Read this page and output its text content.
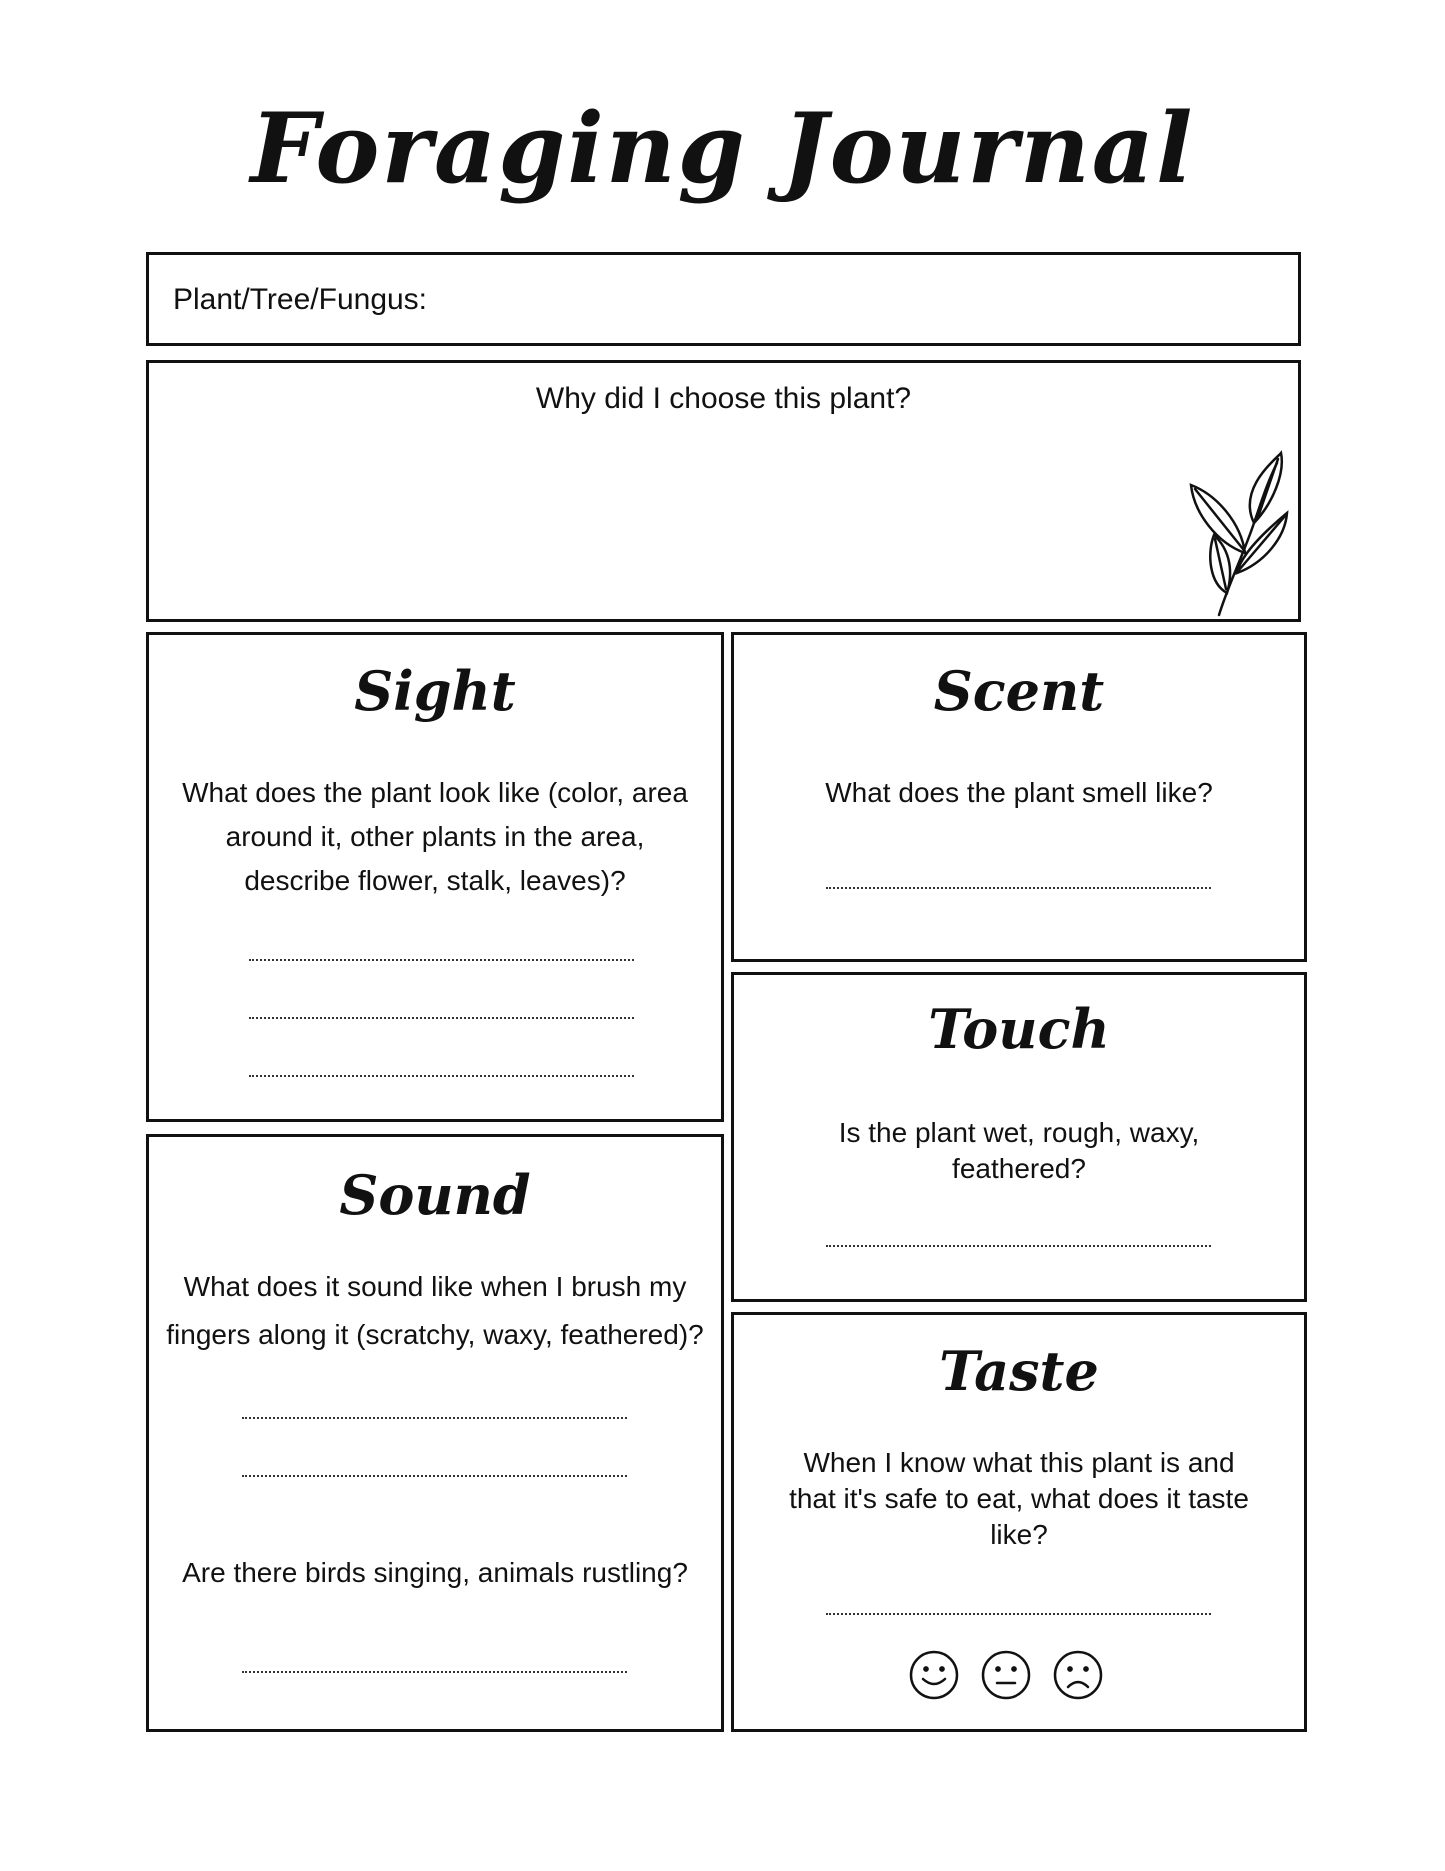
Foraging Journal
Plant/Tree/Fungus:
Why did I choose this plant?
Sight
What does the plant look like (color, area around it, other plants in the area, describe flower, stalk, leaves)?
Scent
What does the plant smell like?
Touch
Is the plant wet, rough, waxy, feathered?
Sound
What does it sound like when I brush my fingers along it (scratchy, waxy, feathered)?
Are there birds singing, animals rustling?
Taste
When I know what this plant is and that it's safe to eat, what does it taste like?
